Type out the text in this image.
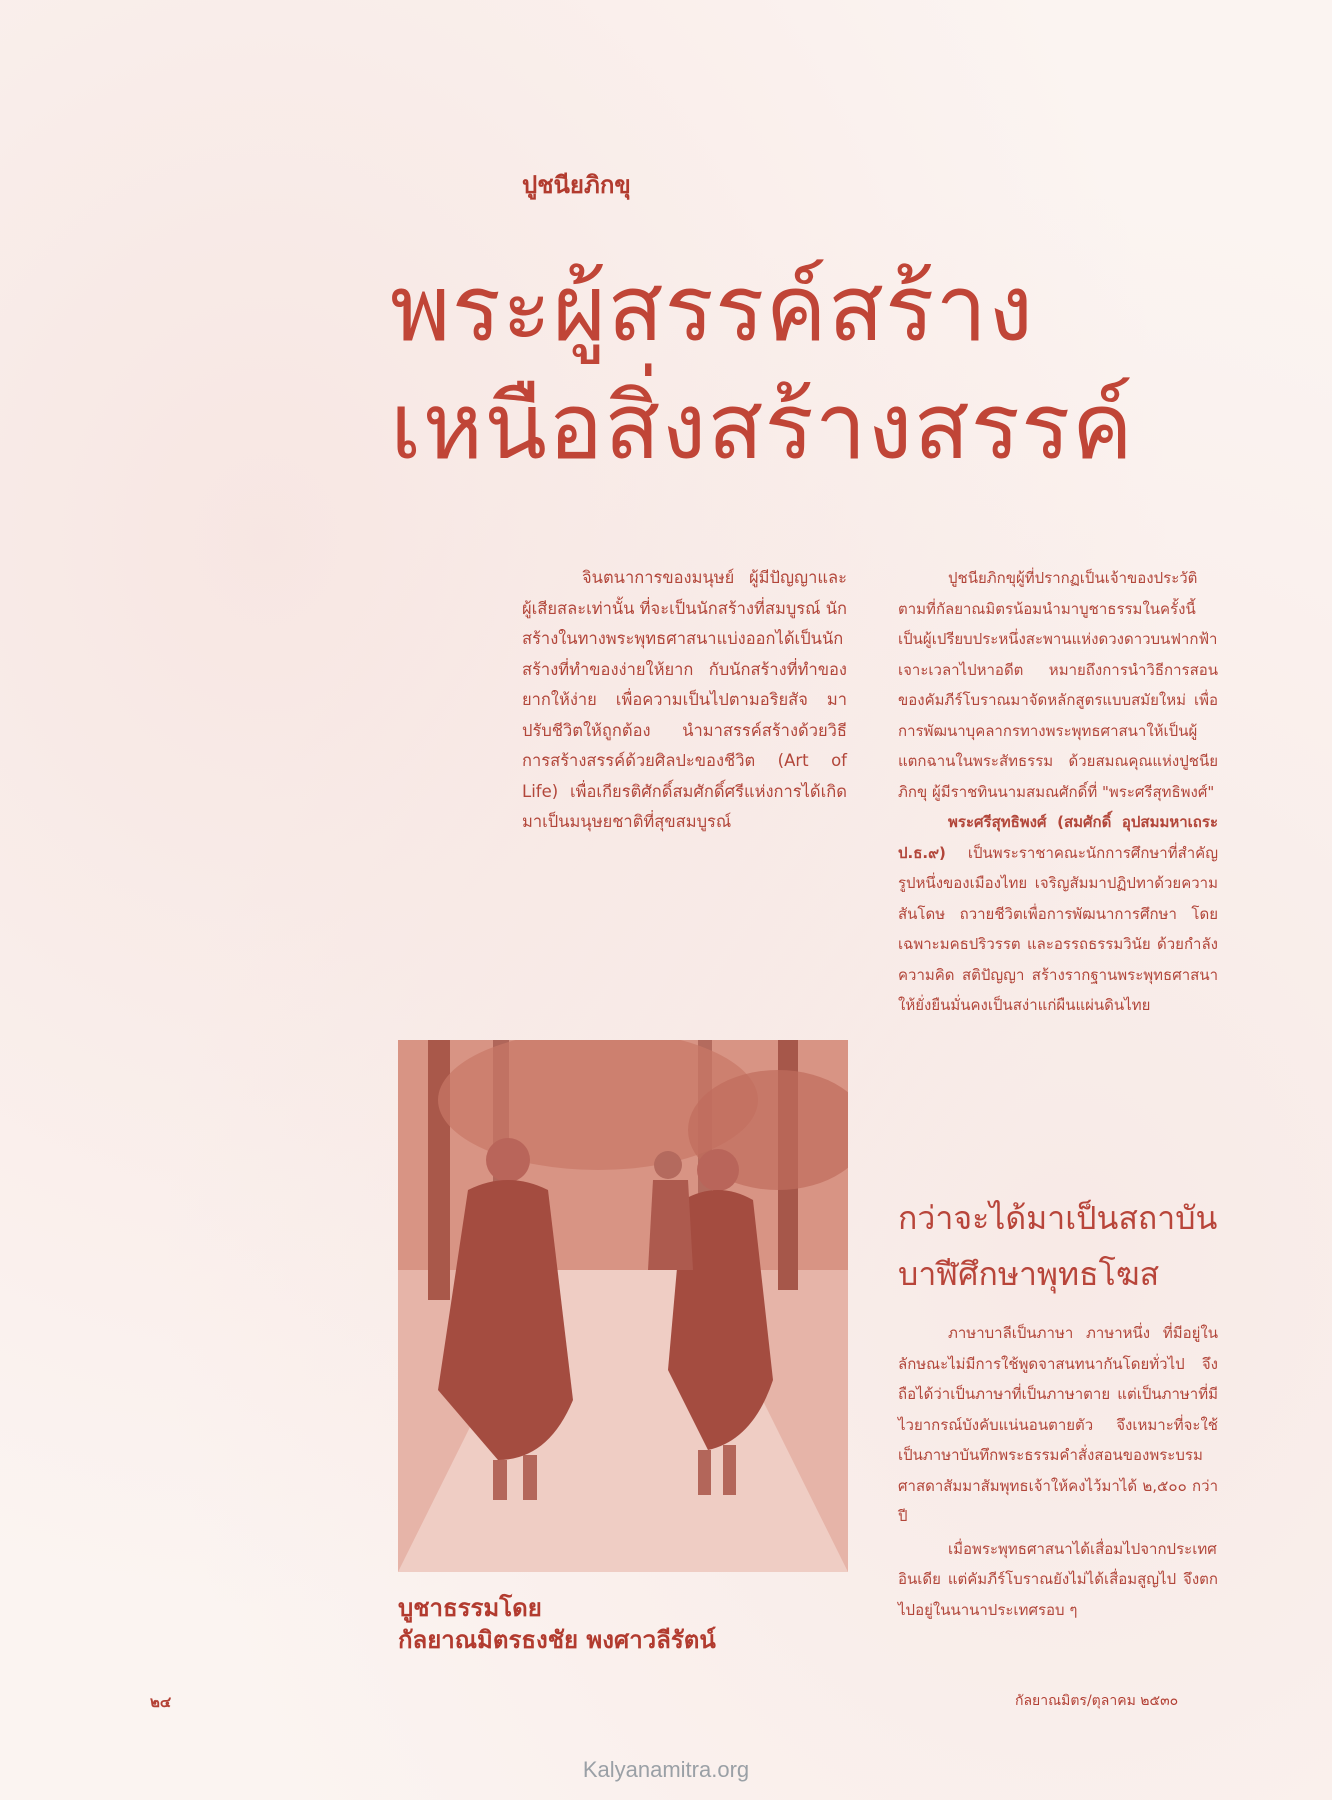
ปูชนียภิกขุ
พระผู้สรรค์สร้าง
เหนือสิ่งสร้างสรรค์

จินตนาการของมนุษย์ ผู้มีปัญญาและผู้เสียสละเท่านั้น ที่จะเป็นนักสร้างที่สมบูรณ์ นักสร้างในทางพระพุทธศาสนาแบ่งออกได้เป็นนักสร้างที่ทำของง่ายให้ยาก กับนักสร้างที่ทำของยากให้ง่าย เพื่อความเป็นไปตามอริยสัจ มาปรับชีวิตให้ถูกต้อง นำมาสรรค์สร้างด้วยวิธีการสร้างสรรค์ด้วยศิลปะของชีวิต (Art of Life) เพื่อเกียรติศักดิ์สมศักดิ์ศรีแห่งการได้เกิดมาเป็นมนุษยชาติที่สุขสมบูรณ์

ปูชนียภิกขุผู้ที่ปรากฏเป็นเจ้าของประวัติตามที่กัลยาณมิตรน้อมนำมาบูชาธรรมในครั้งนี้ เป็นผู้เปรียบประหนึ่งสะพานแห่งดวงดาวบนฟากฟ้า เจาะเวลาไปหาอดีต หมายถึงการนำวิธีการสอนของคัมภีร์โบราณมาจัดหลักสูตรแบบสมัยใหม่ เพื่อการพัฒนาบุคลากรทางพระพุทธศาสนาให้เป็นผู้แตกฉานในพระสัทธรรม ด้วยสมณคุณแห่งปูชนียภิกขุ ผู้มีราชทินนามสมณศักดิ์ที่ "พระศรีสุทธิพงศ์"

พระศรีสุทธิพงศ์ (สมศักดิ์ อุปสมมหาเถระ ป.ธ.๙) เป็นพระราชาคณะนักการศึกษาที่สำคัญรูปหนึ่งของเมืองไทย เจริญสัมมาปฏิปทาด้วยความสันโดษ ถวายชีวิตเพื่อการพัฒนาการศึกษา โดยเฉพาะมคธปริวรรต และอรรถธรรมวินัย ด้วยกำลังความคิด สติปัญญา สร้างรากฐานพระพุทธศาสนาให้ยั่งยืนมั่นคงเป็นสง่าแก่ผืนแผ่นดินไทย

กว่าจะได้มาเป็นสถาบัน
บาฬีศึกษาพุทธโฆส

ภาษาบาลีเป็นภาษา ภาษาหนึ่ง ที่มีอยู่ในลักษณะไม่มีการใช้พูดจาสนทนากันโดยทั่วไป จึงถือได้ว่าเป็นภาษาที่เป็นภาษาตาย แต่เป็นภาษาที่มีไวยากรณ์บังคับแน่นอนตายตัว จึงเหมาะที่จะใช้เป็นภาษาบันทึกพระธรรมคำสั่งสอนของพระบรมศาสดาสัมมาสัมพุทธเจ้าให้คงไว้มาได้ ๒,๕๐๐ กว่าปี

เมื่อพระพุทธศาสนาได้เสื่อมไปจากประเทศอินเดีย แต่คัมภีร์โบราณยังไม่ได้เสื่อมสูญไป จึงตกไปอยู่ในนานาประเทศรอบ ๆ

บูชาธรรมโดย
กัลยาณมิตรธงชัย พงศาวลีรัตน์
๒๔	กัลยาณมิตร/ตุลาคม ๒๕๓๐
Kalyanamitra.org
